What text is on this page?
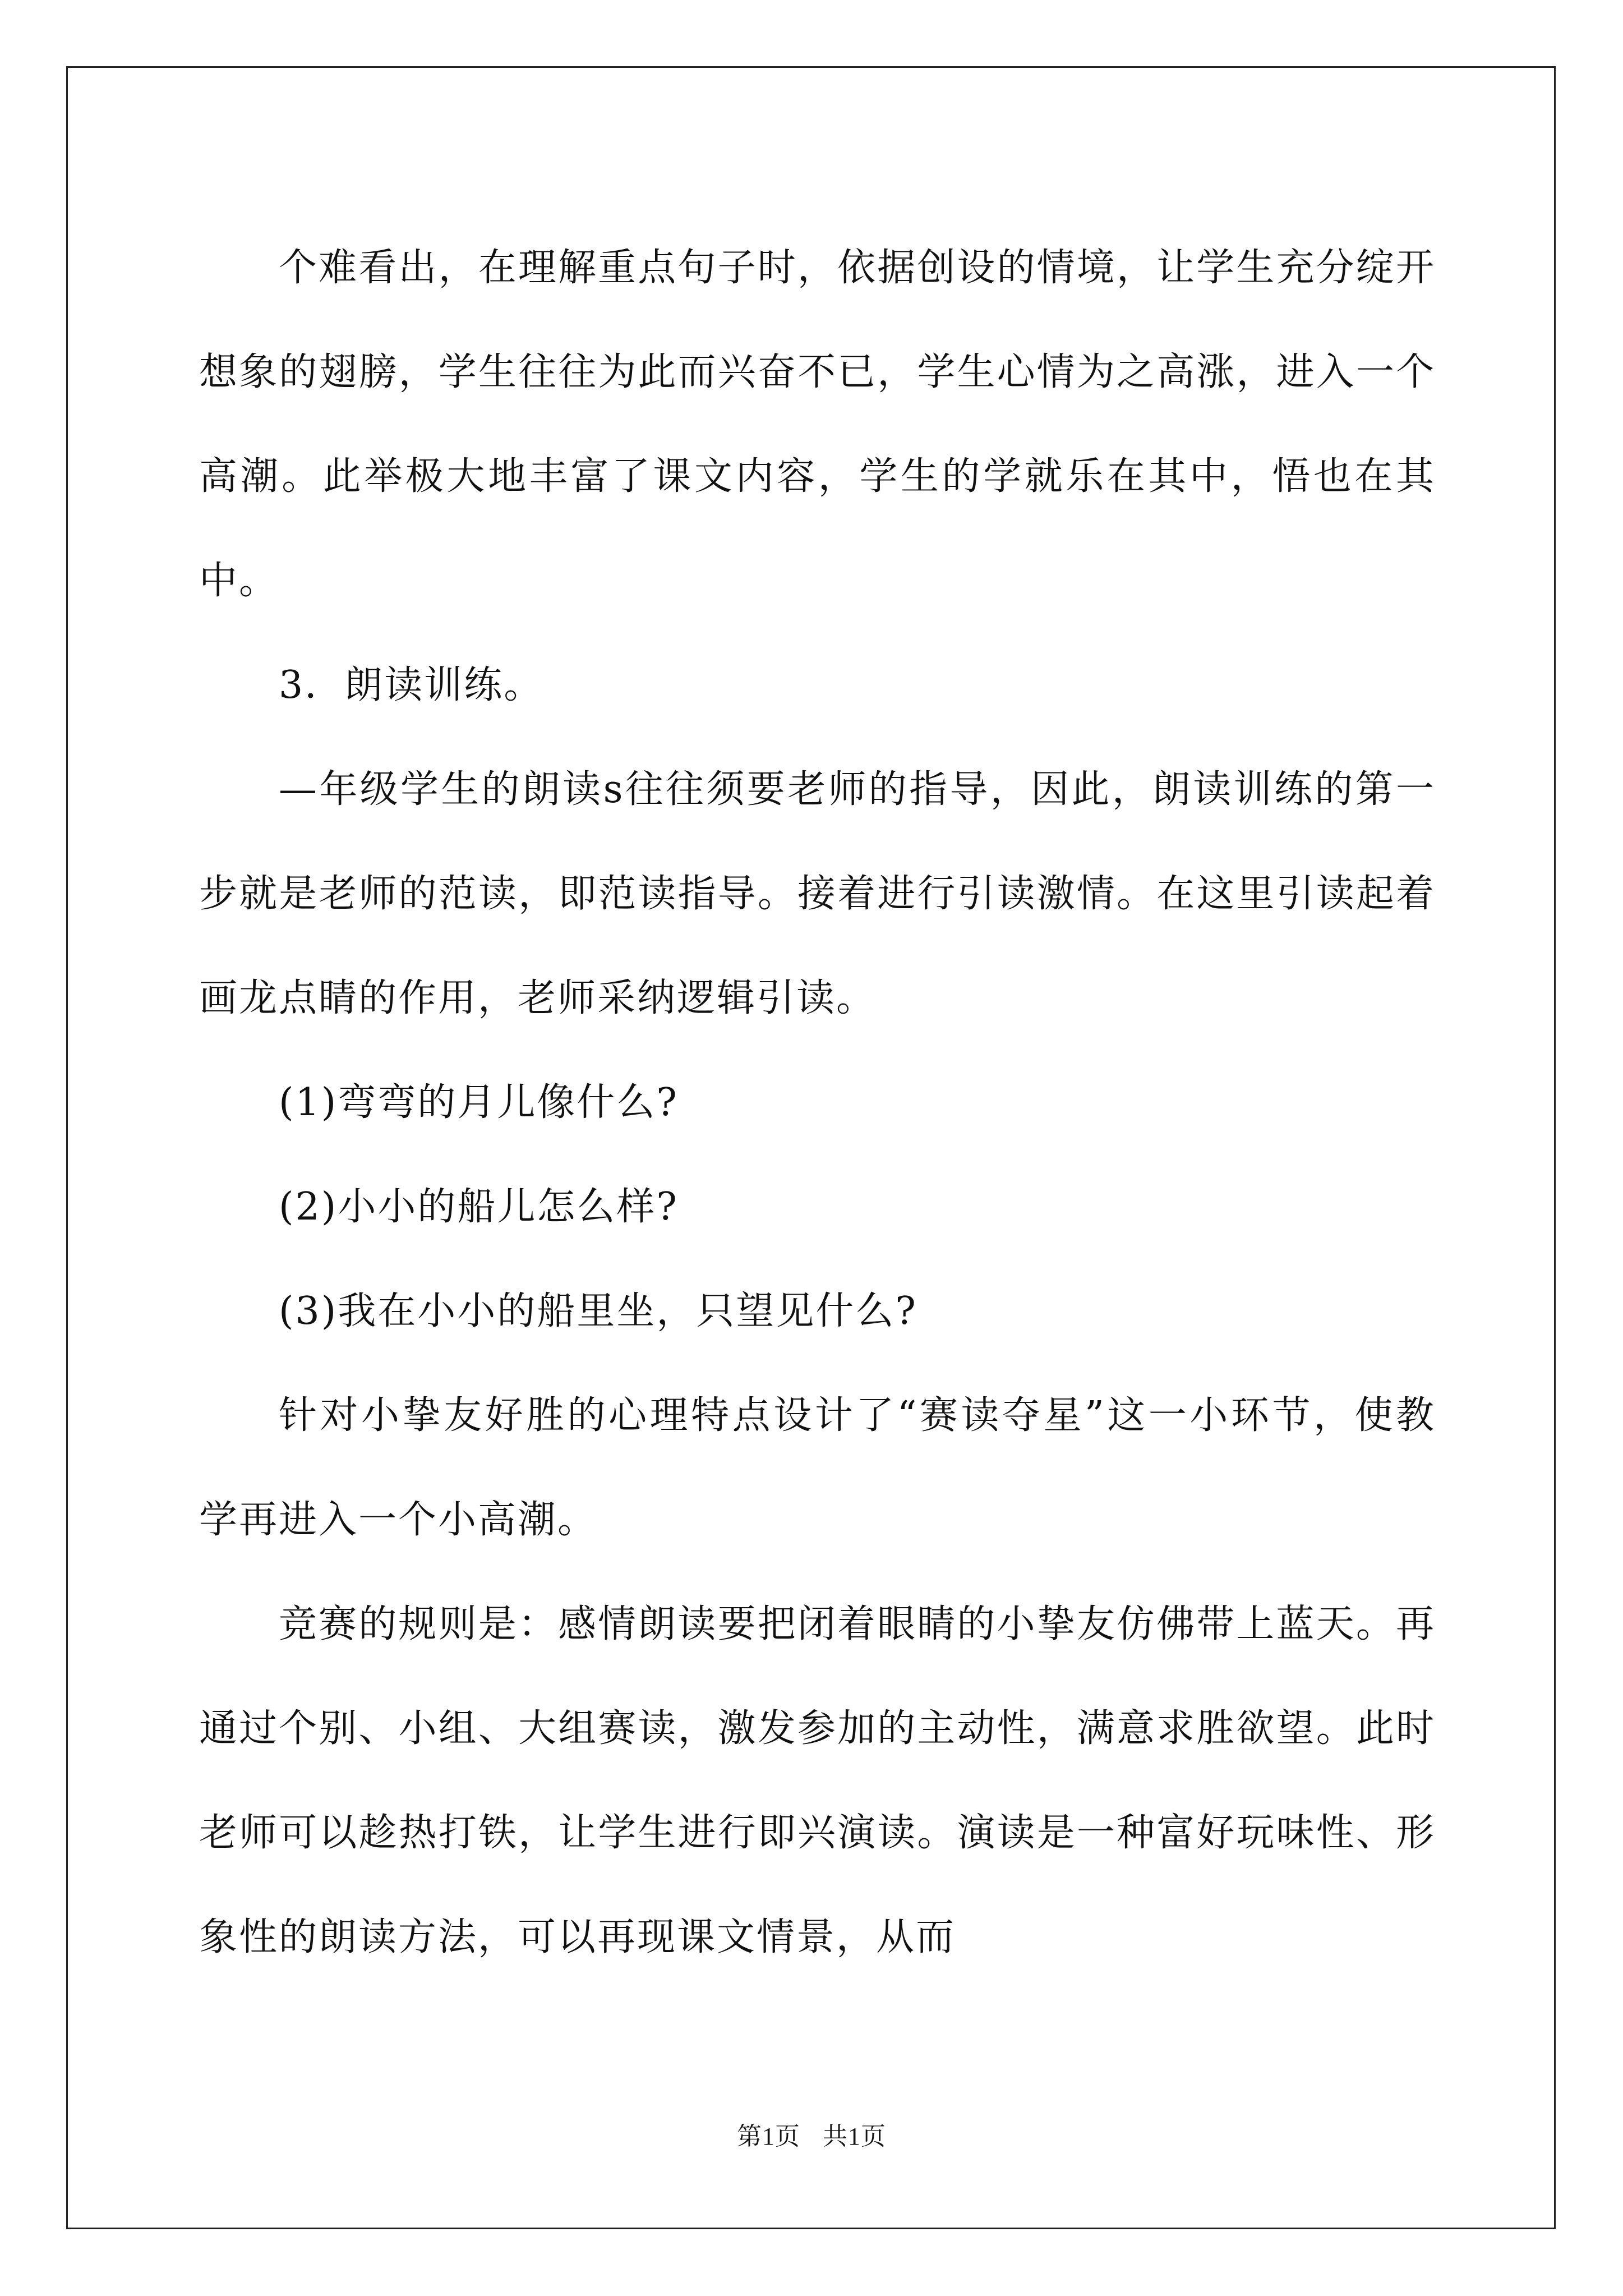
个难看出，在理解重点句子时，依据创设的情境，让学生充分绽开想象的翅膀，学生往往为此而兴奋不已，学生心情为之高涨，进入一个高潮。此举极大地丰富了课文内容，学生的学就乐在其中，悟也在其中。

3．朗读训练。

—年级学生的朗读s往往须要老师的指导，因此，朗读训练的第一步就是老师的范读，即范读指导。接着进行引读激情。在这里引读起着画龙点睛的作用，老师采纳逻辑引读。

(1)弯弯的月儿像什么?

(2)小小的船儿怎么样?

(3)我在小小的船里坐，只望见什么?

针对小挚友好胜的心理特点设计了“赛读夺星”这一小环节，使教学再进入一个小高潮。

竞赛的规则是：感情朗读要把闭着眼睛的小挚友仿佛带上蓝天。再通过个别、小组、大组赛读，激发参加的主动性，满意求胜欲望。此时老师可以趁热打铁，让学生进行即兴演读。演读是一种富好玩味性、形象性的朗读方法，可以再现课文情景，从而

第1页 共1页
